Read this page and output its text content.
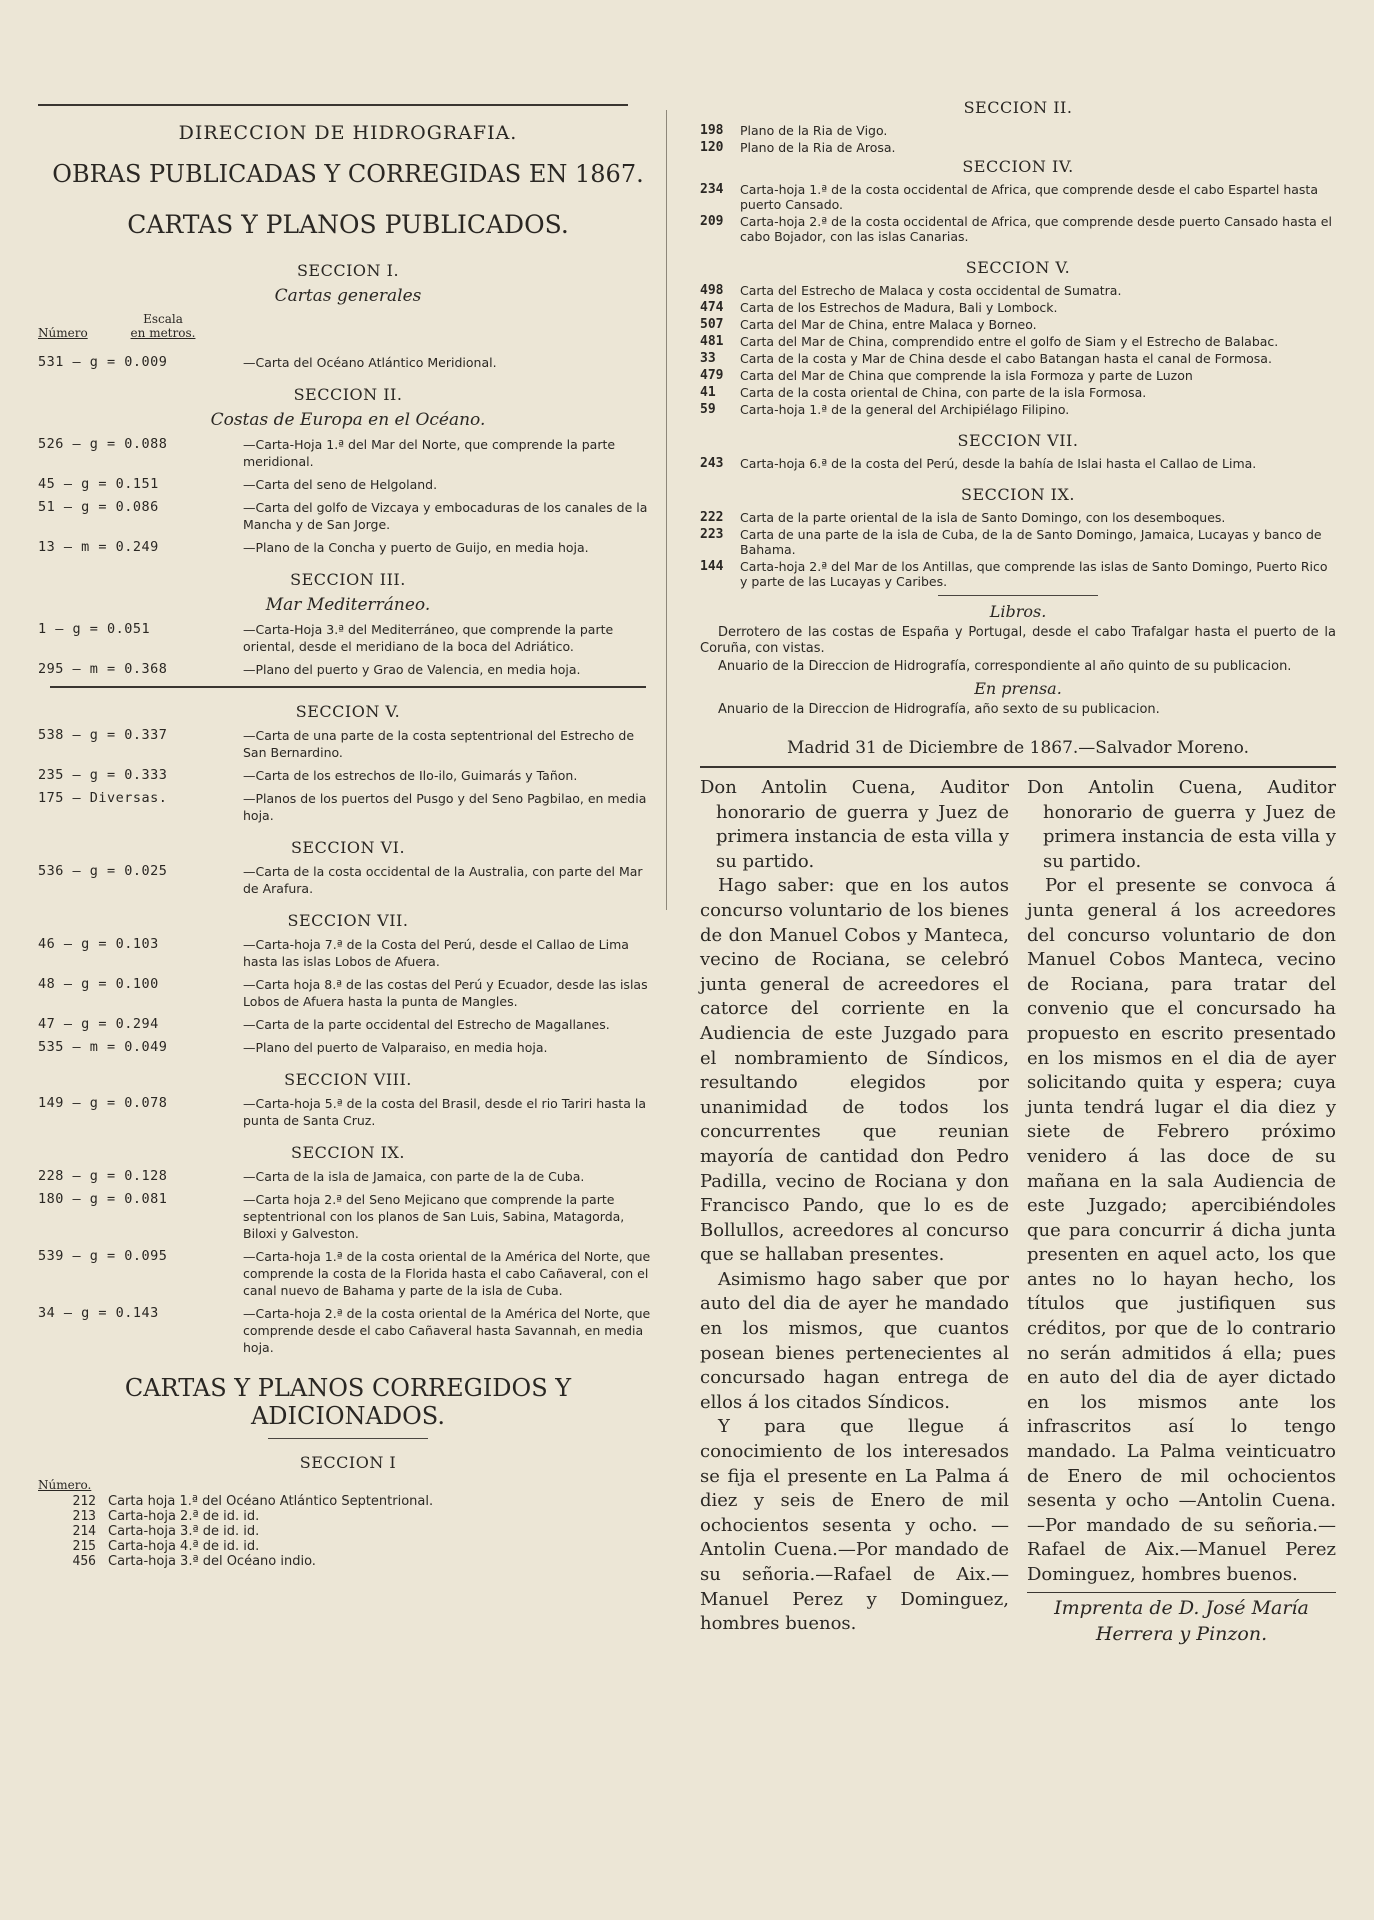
DIRECCION DE HIDROGRAFIA.
OBRAS PUBLICADAS Y CORREGIDAS EN 1867.
CARTAS Y PLANOS PUBLICADOS.
SECCION I.
Cartas generales
Número
Escala
en metros.
531 — g = 0.009	—Carta del Océano Atlántico Meridional.
SECCION II.
Costas de Europa en el Océano.
526 — g = 0.088	—Carta-Hoja 1.ª del Mar del Norte, que comprende la parte meridional.
45 — g = 0.151	—Carta del seno de Helgoland.
51 — g = 0.086	—Carta del golfo de Vizcaya y embocaduras de los canales de la Mancha y de San Jorge.
13 — m = 0.249	—Plano de la Concha y puerto de Guijo, en media hoja.
SECCION III.
Mar Mediterráneo.
1 — g = 0.051	—Carta-Hoja 3.ª del Mediterráneo, que comprende la parte oriental, desde el meridiano de la boca del Adriático.
295 — m = 0.368	—Plano del puerto y Grao de Valencia, en media hoja.
SECCION V.
538 — g = 0.337	—Carta de una parte de la costa septentrional del Estrecho de San Bernardino.
235 — g = 0.333	—Carta de los estrechos de Ilo-ilo, Guimarás y Tañon.
175 — Diversas.	—Planos de los puertos del Pusgo y del Seno Pagbilao, en media hoja.
SECCION VI.
536 — g = 0.025	—Carta de la costa occidental de la Australia, con parte del Mar de Arafura.
SECCION VII.
46 — g = 0.103	—Carta-hoja 7.ª de la Costa del Perú, desde el Callao de Lima hasta las islas Lobos de Afuera.
48 — g = 0.100	—Carta hoja 8.ª de las costas del Perú y Ecuador, desde las islas Lobos de Afuera hasta la punta de Mangles.
47 — g = 0.294	—Carta de la parte occidental del Estrecho de Magallanes.
535 — m = 0.049	—Plano del puerto de Valparaiso, en media hoja.
SECCION VIII.
149 — g = 0.078	—Carta-hoja 5.ª de la costa del Brasil, desde el rio Tariri hasta la punta de Santa Cruz.
SECCION IX.
228 — g = 0.128	—Carta de la isla de Jamaica, con parte de la de Cuba.
180 — g = 0.081	—Carta hoja 2.ª del Seno Mejicano que comprende la parte septentrional con los planos de San Luis, Sabina, Matagorda, Biloxi y Galveston.
539 — g = 0.095	—Carta-hoja 1.ª de la costa oriental de la América del Norte, que comprende la costa de la Florida hasta el cabo Cañaveral, con el canal nuevo de Bahama y parte de la isla de Cuba.
34 — g = 0.143	—Carta-hoja 2.ª de la costa oriental de la América del Norte, que comprende desde el cabo Cañaveral hasta Savannah, en media hoja.
CARTAS Y PLANOS CORREGIDOS Y ADICIONADOS.
SECCION I
Número.
212 Carta hoja 1.ª del Océano Atlántico Septentrional.
213 Carta-hoja 2.ª de id. id.
214 Carta-hoja 3.ª de id. id.
215 Carta-hoja 4.ª de id. id.
456 Carta-hoja 3.ª del Océano indio.
SECCION II.
198	Plano de la Ria de Vigo.
120	Plano de la Ria de Arosa.
SECCION IV.
234	Carta-hoja 1.ª de la costa occidental de Africa, que comprende desde el cabo Espartel hasta puerto Cansado.
209	Carta-hoja 2.ª de la costa occidental de Africa, que comprende desde puerto Cansado hasta el cabo Bojador, con las islas Canarias.
SECCION V.
498	Carta del Estrecho de Malaca y costa occidental de Sumatra.
474	Carta de los Estrechos de Madura, Bali y Lombock.
507	Carta del Mar de China, entre Malaca y Borneo.
481	Carta del Mar de China, comprendido entre el golfo de Siam y el Estrecho de Balabac.
33	Carta de la costa y Mar de China desde el cabo Batangan hasta el canal de Formosa.
479	Carta del Mar de China que comprende la isla Formoza y parte de Luzon
41	Carta de la costa oriental de China, con parte de la isla Formosa.
59	Carta-hoja 1.ª de la general del Archipiélago Filipino.
SECCION VII.
243	Carta-hoja 6.ª de la costa del Perú, desde la bahía de Islai hasta el Callao de Lima.
SECCION IX.
222	Carta de la parte oriental de la isla de Santo Domingo, con los desemboques.
223	Carta de una parte de la isla de Cuba, de la de Santo Domingo, Jamaica, Lucayas y banco de Bahama.
144	Carta-hoja 2.ª del Mar de los Antillas, que comprende las islas de Santo Domingo, Puerto Rico y parte de las Lucayas y Caribes.
Libros.

Derrotero de las costas de España y Portugal, desde el cabo Trafalgar hasta el puerto de la Coruña, con vistas.

Anuario de la Direccion de Hidrografía, correspondiente al año quinto de su publicacion.

En prensa.

Anuario de la Direccion de Hidrografía, año sexto de su publicacion.

Madrid 31 de Diciembre de 1867.—Salvador Moreno.

Don Antolin Cuena, Auditor honorario de guerra y Juez de primera instancia de esta villa y su partido.

Hago saber: que en los autos concurso voluntario de los bienes de don Manuel Cobos y Manteca, vecino de Rociana, se celebró junta general de acreedores el catorce del corriente en la Audiencia de este Juzgado para el nombramiento de Síndicos, resultando elegidos por unanimidad de todos los concurrentes que reunian mayoría de cantidad don Pedro Padilla, vecino de Rociana y don Francisco Pando, que lo es de Bollullos, acreedores al concurso que se hallaban presentes.

Asimismo hago saber que por auto del dia de ayer he mandado en los mismos, que cuantos posean bienes pertenecientes al concursado hagan entrega de ellos á los citados Síndicos.

Y para que llegue á conocimiento de los interesados se fija el presente en La Palma á diez y seis de Enero de mil ochocientos sesenta y ocho. —Antolin Cuena.—Por mandado de su señoria.—Rafael de Aix.—Manuel Perez y Dominguez, hombres buenos.

Don Antolin Cuena, Auditor honorario de guerra y Juez de primera instancia de esta villa y su partido.

Por el presente se convoca á junta general á los acreedores del concurso voluntario de don Manuel Cobos Manteca, vecino de Rociana, para tratar del convenio que el concursado ha propuesto en escrito presentado en los mismos en el dia de ayer solicitando quita y espera; cuya junta tendrá lugar el dia diez y siete de Febrero próximo venidero á las doce de su mañana en la sala Audiencia de este Juzgado; apercibiéndoles que para concurrir á dicha junta presenten en aquel acto, los que antes no lo hayan hecho, los títulos que justifiquen sus créditos, por que de lo contrario no serán admitidos á ella; pues en auto del dia de ayer dictado en los mismos ante los infrascritos así lo tengo mandado. La Palma veinticuatro de Enero de mil ochocientos sesenta y ocho —Antolin Cuena.—Por mandado de su señoria.—Rafael de Aix.—Manuel Perez Dominguez, hombres buenos.

Imprenta de D. José María Herrera y Pinzon.
